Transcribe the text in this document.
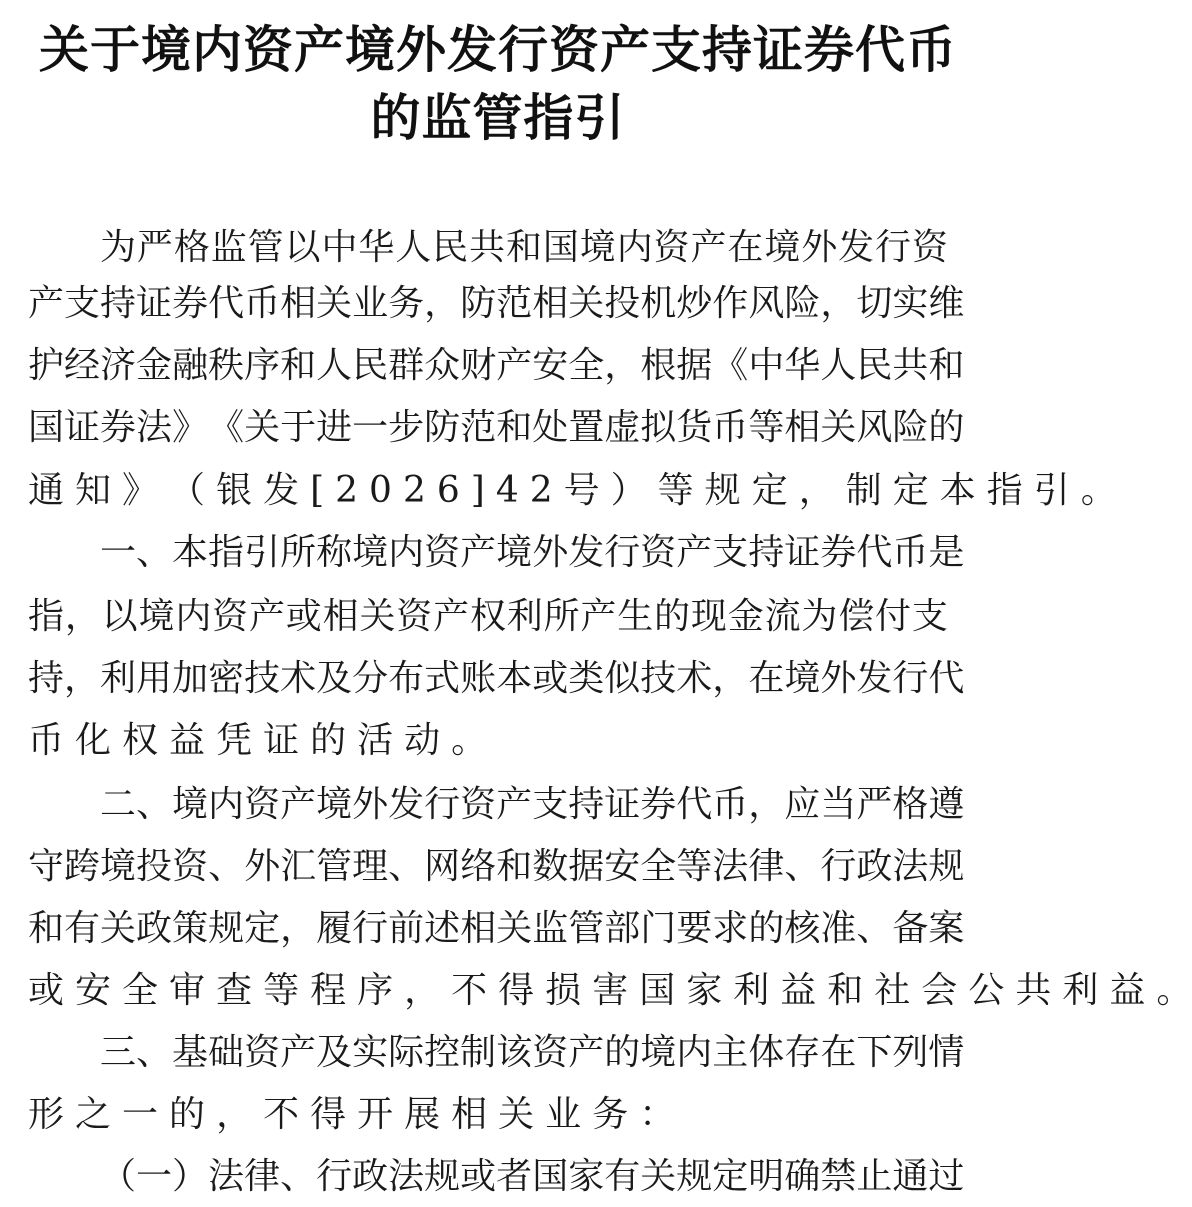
关于境内资产境外发行资产支持证券代币
的监管指引
为 严 格 监 管 以 中 华 人 民 共 和 国 境 内 资 产 在 境 外 发 行 资
产 支 持 证 券 代 币 相 关 业 务 ， 防 范 相 关 投 机 炒 作 风 险 ， 切 实 维
护 经 济 金 融 秩 序 和 人 民 群 众 财 产 安 全 ， 根 据 《 中 华 人 民 共 和
国 证 券 法 》 《 关 于 进 一 步 防 范 和 处 置 虚 拟 货 币 等 相 关 风 险 的
通 知 》 （ 银 发 [ 2 0 2 6 ] 4 2 号 ） 等 规 定 ， 制 定 本 指 引 。
一 、 本 指 引 所 称 境 内 资 产 境 外 发 行 资 产 支 持 证 券 代 币 是
指 ， 以 境 内 资 产 或 相 关 资 产 权 利 所 产 生 的 现 金 流 为 偿 付 支
持 ， 利 用 加 密 技 术 及 分 布 式 账 本 或 类 似 技 术 ， 在 境 外 发 行 代
币 化 权 益 凭 证 的 活 动 。
二 、 境 内 资 产 境 外 发 行 资 产 支 持 证 券 代 币 ， 应 当 严 格 遵
守 跨 境 投 资 、 外 汇 管 理 、 网 络 和 数 据 安 全 等 法 律 、 行 政 法 规
和 有 关 政 策 规 定 ， 履 行 前 述 相 关 监 管 部 门 要 求 的 核 准 、 备 案
或 安 全 审 查 等 程 序 ， 不 得 损 害 国 家 利 益 和 社 会 公 共 利 益 。
三 、 基 础 资 产 及 实 际 控 制 该 资 产 的 境 内 主 体 存 在 下 列 情
形 之 一 的 ， 不 得 开 展 相 关 业 务 ：
（ 一 ） 法 律 、 行 政 法 规 或 者 国 家 有 关 规 定 明 确 禁 止 通 过
